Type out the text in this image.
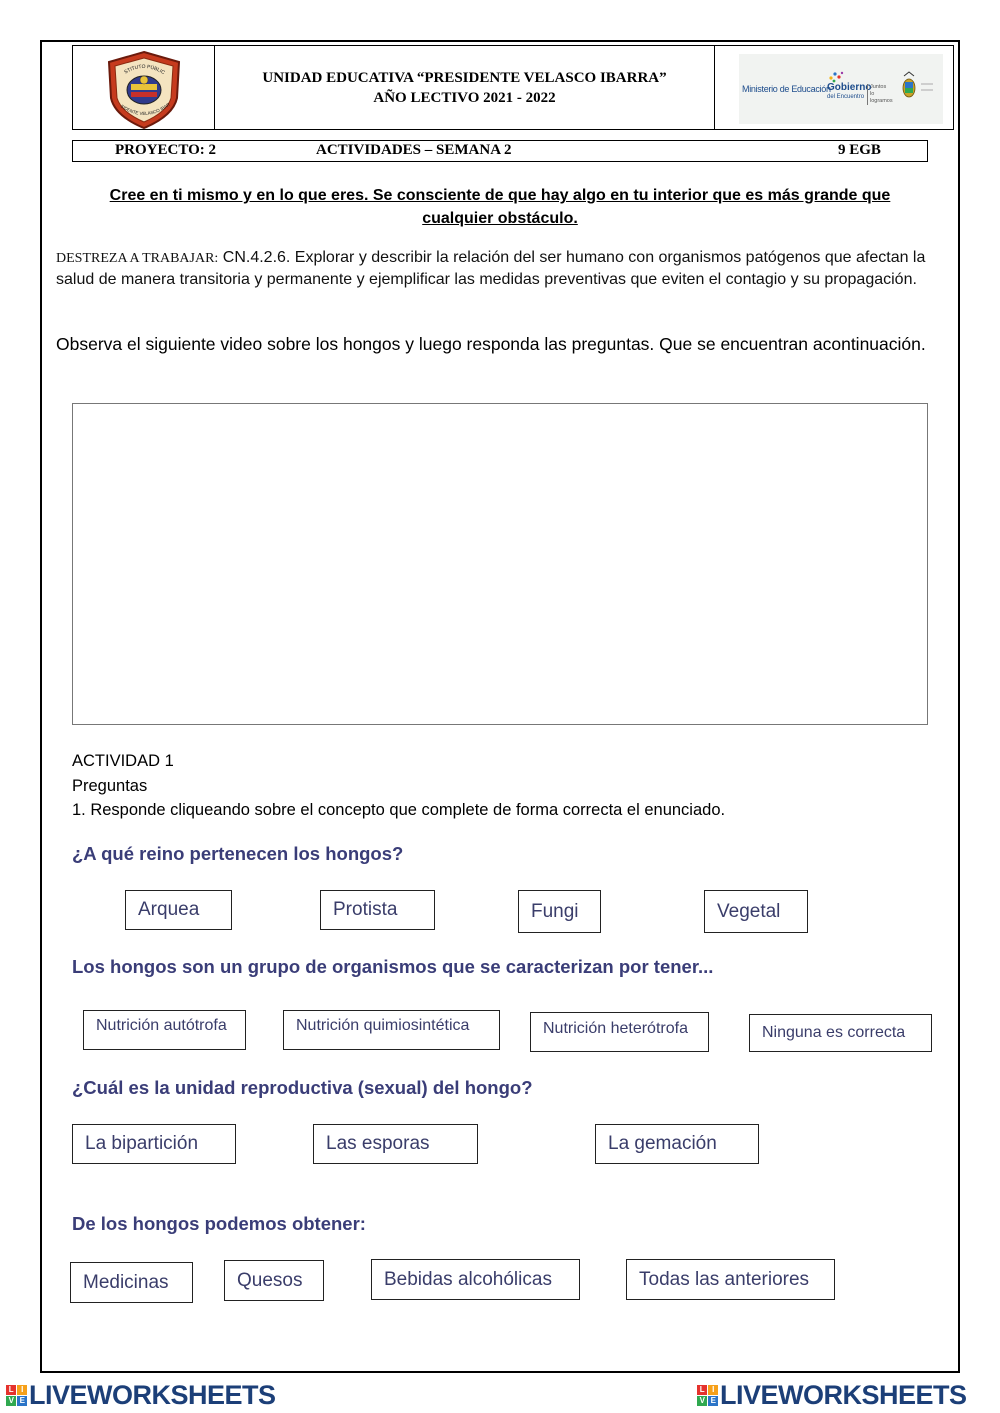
STITUTO PÚBLIC
SIDENTE VELASCO IBAR
UNIDAD EDUCATIVA “PRESIDENTE VELASCO IBARRA”
AÑO LECTIVO 2021 - 2022
Ministerio de Educación
Gobierno
del Encuentro
Juntos
lo logramos
PROYECTO: 2	ACTIVIDADES – SEMANA 2	9 EGB
Cree en ti mismo y en lo que eres. Se consciente de que hay algo en tu interior que es más grande que
cualquier obstáculo.
DESTREZA A TRABAJAR: CN.4.2.6. Explorar y describir la relación del ser humano con organismos patógenos que afectan la salud de manera transitoria y permanente y ejemplificar las medidas preventivas que eviten el contagio y su propagación.
Observa el siguiente video sobre los hongos y luego responda las preguntas. Que se encuentran acontinuación.
ACTIVIDAD 1
Preguntas
1. Responde cliqueando sobre el concepto que complete de forma correcta el enunciado.
¿A qué reino pertenecen los hongos?
Arquea	Protista	Fungi	Vegetal
Los hongos son un grupo de organismos que se caracterizan por tener...
Nutrición autótrofa	Nutrición quimiosintética	Nutrición heterótrofa	Ninguna es correcta
¿Cuál es la unidad reproductiva (sexual) del hongo?
La bipartición	Las esporas	La gemación
De los hongos podemos obtener:
Medicinas	Quesos	Bebidas alcohólicas	Todas las anteriores
L I
V E LIVEWORKSHEETS	L I
V E LIVEWORKSHEETS
